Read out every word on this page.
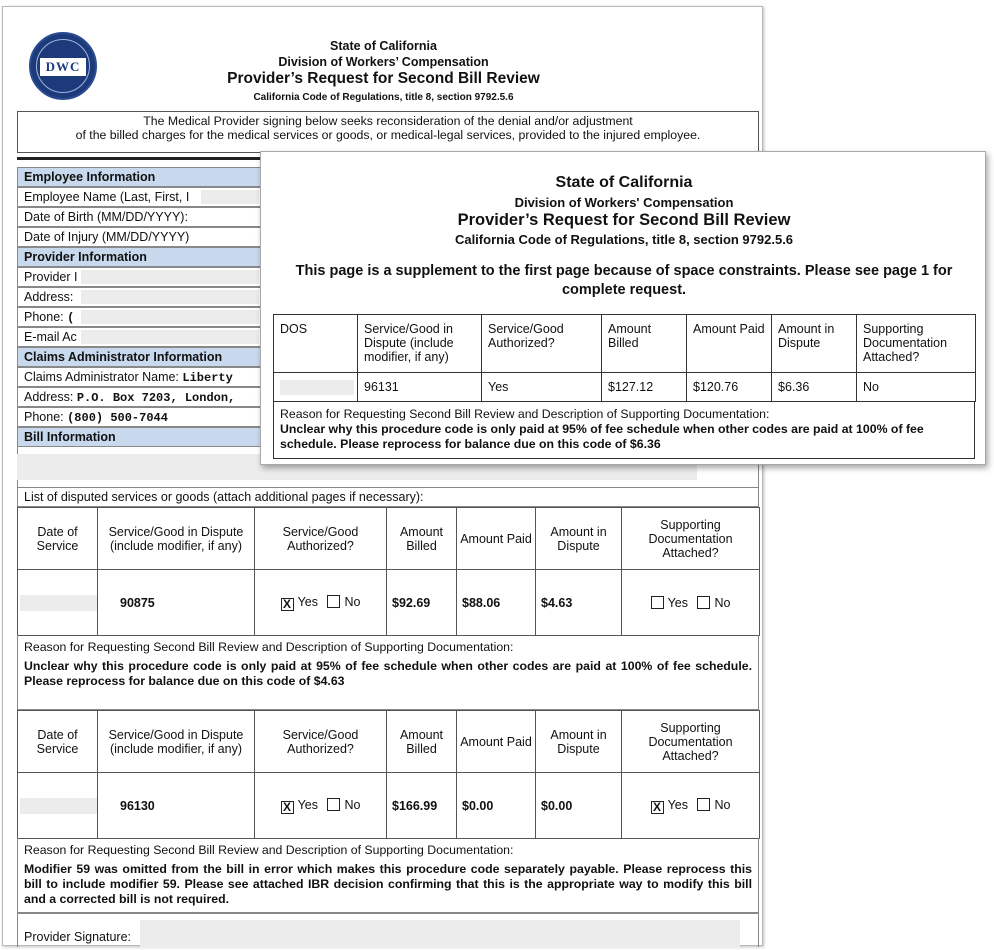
DWC
State of California
Division of Workers’ Compensation
Provider’s Request for Second Bill Review
California Code of Regulations, title 8, section 9792.5.6
The Medical Provider signing below seeks reconsideration of the denial and/or adjustment
of the billed charges for the medical services or goods, or medical-legal services, provided to the injured employee.
Employee Information
Employee Name (Last, First, I
Date of Birth (MM/DD/YYYY):
Date of Injury (MM/DD/YYYY)
Provider Information
Provider I
Address:
Phone: (
E-mail Ac
Claims Administrator Information
Claims Administrator Name: Liberty
Address: P.O. Box 7203, London,
Phone: (800) 500-7044
Bill Information
List of disputed services or goods (attach additional pages if necessary):
Date of Service	Service/Good in Dispute (include modifier, if any)	Service/Good Authorized?	Amount Billed	Amount Paid	Amount in Dispute	Supporting Documentation Attached?

	90875	X Yes No	$92.69	$88.06	$4.63	Yes No
Reason for Requesting Second Bill Review and Description of Supporting Documentation:
Unclear why this procedure code is only paid at 95% of fee schedule when other codes are paid at 100% of fee schedule. Please reprocess for balance due on this code of $4.63
Date of Service	Service/Good in Dispute (include modifier, if any)	Service/Good Authorized?	Amount Billed	Amount Paid	Amount in Dispute	Supporting Documentation Attached?

	96130	X Yes No	$166.99	$0.00	$0.00	X Yes No
Reason for Requesting Second Bill Review and Description of Supporting Documentation:
Modifier 59 was omitted from the bill in error which makes this procedure code separately payable. Please reprocess this bill to include modifier 59. Please see attached IBR decision confirming that this is the appropriate way to modify this bill and a corrected bill is not required.
Provider Signature:
State of California
Division of Workers' Compensation
Provider’s Request for Second Bill Review
California Code of Regulations, title 8, section 9792.5.6
This page is a supplement to the first page because of space constraints. Please see page 1 for complete request.
DOS	Service/Good in Dispute (include modifier, if any)	Service/Good Authorized?	Amount Billed	Amount Paid	Amount in Dispute	Supporting Documentation Attached?

	96131	Yes	$127.12	$120.76	$6.36	No
Reason for Requesting Second Bill Review and Description of Supporting Documentation:
Unclear why this procedure code is only paid at 95% of fee schedule when other codes are paid at 100% of fee schedule. Please reprocess for balance due on this code of $6.36
